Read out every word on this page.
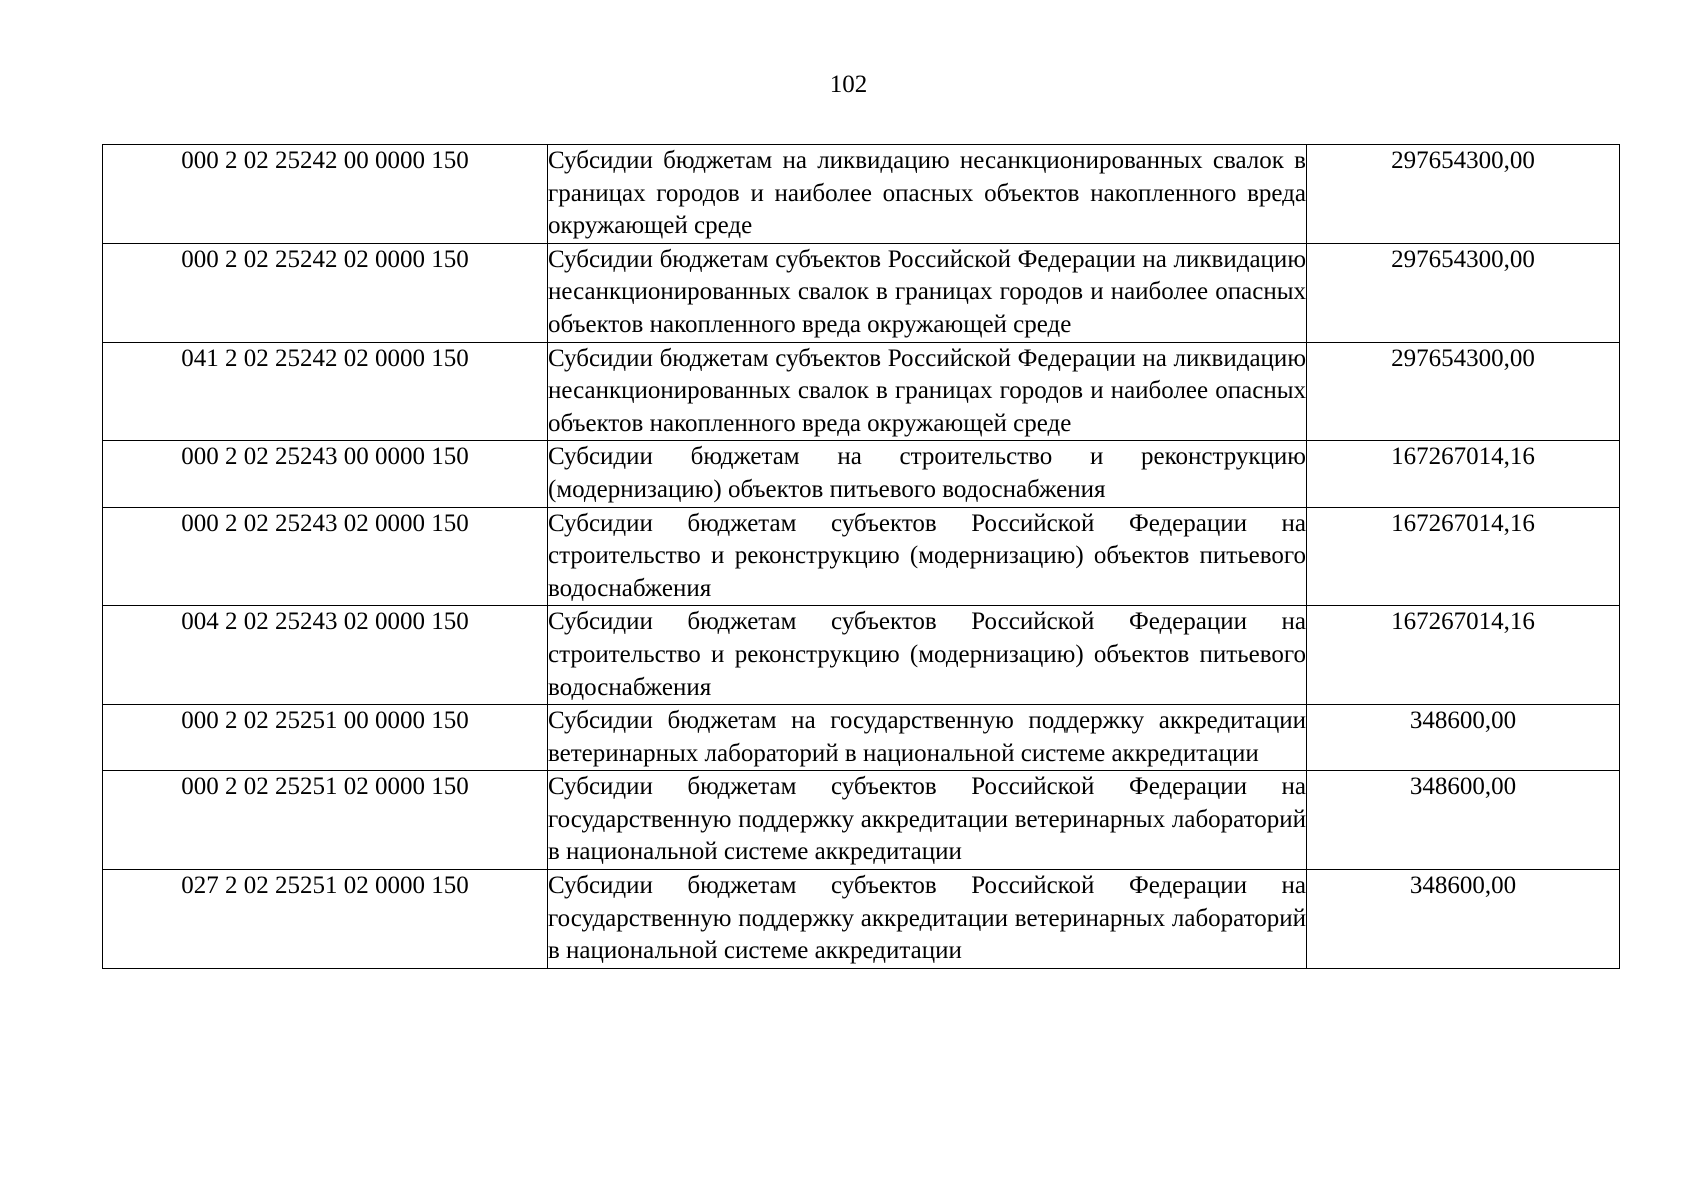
102
000 2 02 25242 00 0000 150	Субсидии бюджетам на ликвидацию несанкционированных свалок в границах городов и наиболее опасных объектов накопленного вреда окружающей среде	297654300,00
000 2 02 25242 02 0000 150	Субсидии бюджетам субъектов Российской Федерации на ликвидацию несанкционированных свалок в границах городов и наиболее опасных объектов накопленного вреда окружающей среде	297654300,00
041 2 02 25242 02 0000 150	Субсидии бюджетам субъектов Российской Федерации на ликвидацию несанкционированных свалок в границах городов и наиболее опасных объектов накопленного вреда окружающей среде	297654300,00
000 2 02 25243 00 0000 150	Субсидии бюджетам на строительство и реконструкцию (модернизацию) объектов питьевого водоснабжения	167267014,16
000 2 02 25243 02 0000 150	Субсидии бюджетам субъектов Российской Федерации на строительство и реконструкцию (модернизацию) объектов питьевого водоснабжения	167267014,16
004 2 02 25243 02 0000 150	Субсидии бюджетам субъектов Российской Федерации на строительство и реконструкцию (модернизацию) объектов питьевого водоснабжения	167267014,16
000 2 02 25251 00 0000 150	Субсидии бюджетам на государственную поддержку аккредитации ветеринарных лабораторий в национальной системе аккредитации	348600,00
000 2 02 25251 02 0000 150	Субсидии бюджетам субъектов Российской Федерации на государственную поддержку аккредитации ветеринарных лабораторий в национальной системе аккредитации	348600,00
027 2 02 25251 02 0000 150	Субсидии бюджетам субъектов Российской Федерации на государственную поддержку аккредитации ветеринарных лабораторий в национальной системе аккредитации	348600,00
